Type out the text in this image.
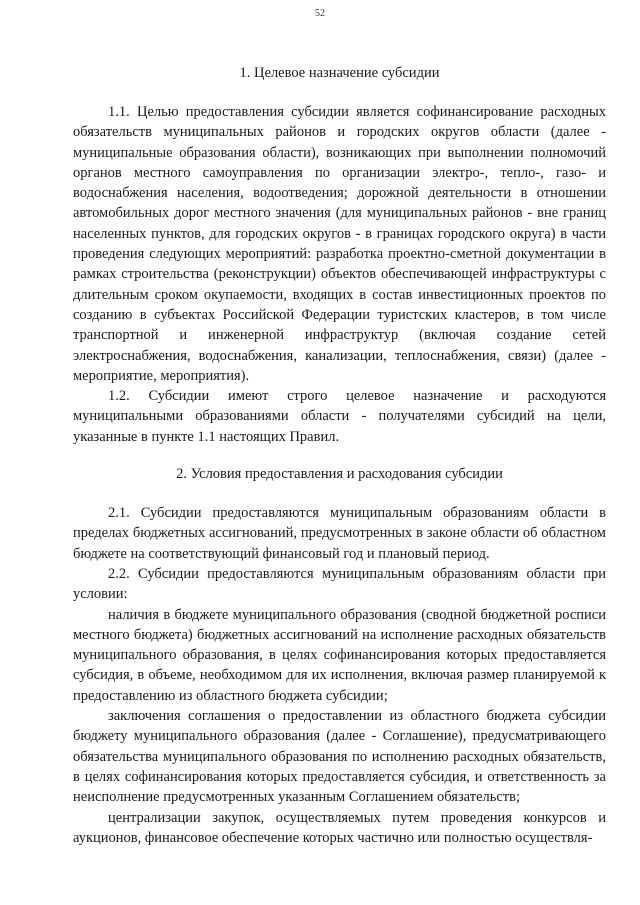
52
1. Целевое назначение субсидии

1.1. Целью предоставления субсидии является софинансирование расходных обязательств муниципальных районов и городских округов области (далее - муниципальные образования области), возникающих при выполнении полномочий органов местного самоуправления по организации электро-, тепло-, газо- и водоснабжения населения, водоотведения; дорожной деятельности в отношении автомобильных дорог местного значения (для муниципальных районов - вне границ населенных пунктов, для городских округов - в границах городского округа) в части проведения следующих мероприятий: разработка проектно-сметной документации в рамках строительства (реконструкции) объектов обеспечивающей инфраструктуры с длительным сроком окупаемости, входящих в состав инвестиционных проектов по созданию в субъектах Российской Федерации туристских кластеров, в том числе транспортной и инженерной инфраструктур (включая создание сетей электроснабжения, водоснабжения, канализации, теплоснабжения, связи) (далее - мероприятие, мероприятия).

1.2. Субсидии имеют строго целевое назначение и расходуются муниципальными образованиями области - получателями субсидий на цели, указанные в пункте 1.1 настоящих Правил.

2. Условия предоставления и расходования субсидии

2.1. Субсидии предоставляются муниципальным образованиям области в пределах бюджетных ассигнований, предусмотренных в законе области об областном бюджете на соответствующий финансовый год и плановый период.

2.2. Субсидии предоставляются муниципальным образованиям области при условии:

наличия в бюджете муниципального образования (сводной бюджетной росписи местного бюджета) бюджетных ассигнований на исполнение расходных обязательств муниципального образования, в целях софинансирования которых предоставляется субсидия, в объеме, необходимом для их исполнения, включая размер планируемой к предоставлению из областного бюджета субсидии;

заключения соглашения о предоставлении из областного бюджета субсидии бюджету муниципального образования (далее - Соглашение), предусматривающего обязательства муниципального образования по исполнению расходных обязательств, в целях софинансирования которых предоставляется субсидия, и ответственность за неисполнение предусмотренных указанным Соглашением обязательств;

централизации закупок, осуществляемых путем проведения конкурсов и аукционов, финансовое обеспечение которых частично или полностью осуществля-
